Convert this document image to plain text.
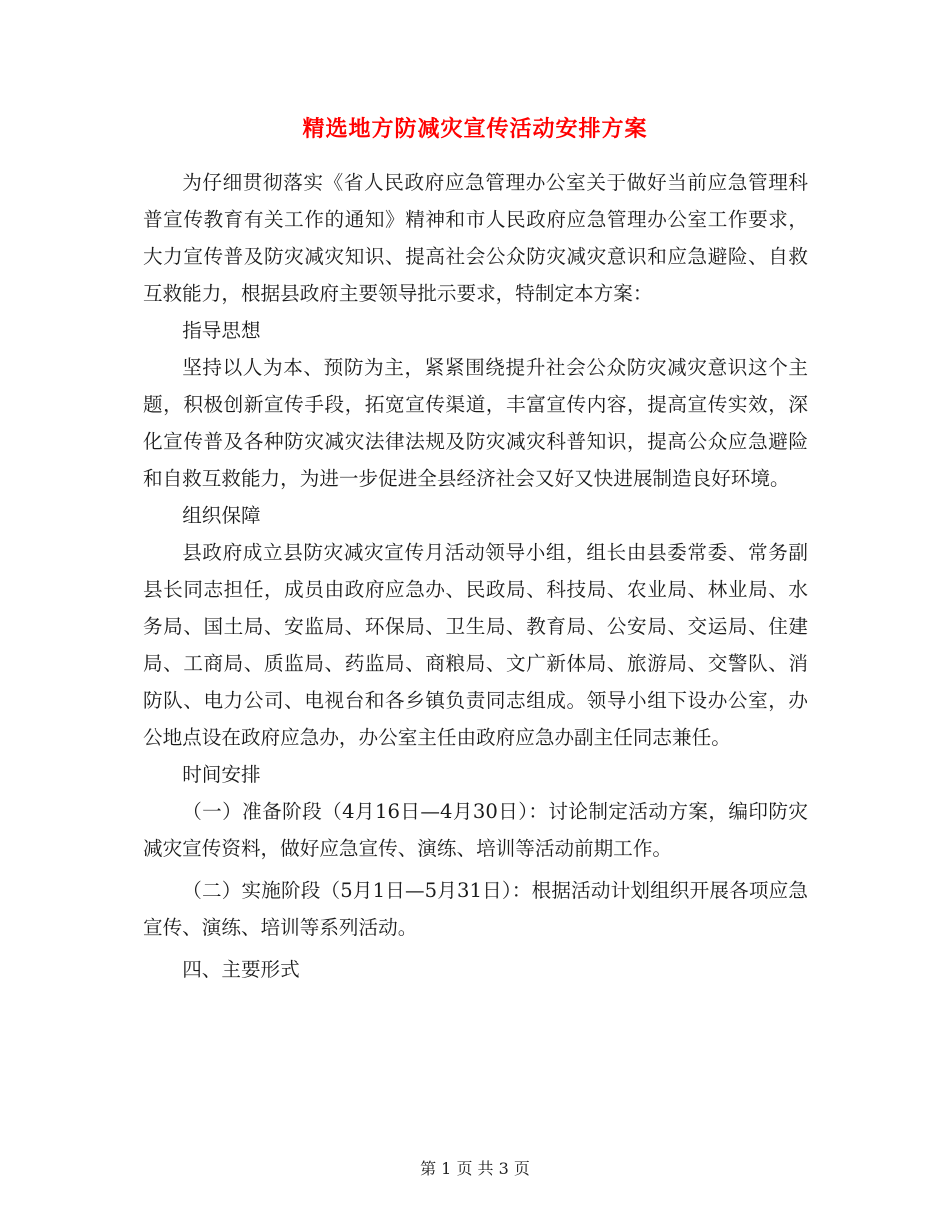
精选地方防减灾宣传活动安排方案

为仔细贯彻落实《省人民政府应急管理办公室关于做好当前应急管理科普宣传教育有关工作的通知》精神和市人民政府应急管理办公室工作要求，大力宣传普及防灾减灾知识、提高社会公众防灾减灾意识和应急避险、自救互救能力，根据县政府主要领导批示要求，特制定本方案：

指导思想

坚持以人为本、预防为主，紧紧围绕提升社会公众防灾减灾意识这个主题，积极创新宣传手段，拓宽宣传渠道，丰富宣传内容，提高宣传实效，深化宣传普及各种防灾减灾法律法规及防灾减灾科普知识，提高公众应急避险和自救互救能力，为进一步促进全县经济社会又好又快进展制造良好环境。

组织保障

县政府成立县防灾减灾宣传月活动领导小组，组长由县委常委、常务副县长同志担任，成员由政府应急办、民政局、科技局、农业局、林业局、水务局、国土局、安监局、环保局、卫生局、教育局、公安局、交运局、住建局、工商局、质监局、药监局、商粮局、文广新体局、旅游局、交警队、消防队、电力公司、电视台和各乡镇负责同志组成。领导小组下设办公室，办公地点设在政府应急办，办公室主任由政府应急办副主任同志兼任。

时间安排

（一）准备阶段（4月16日—4月30日）：讨论制定活动方案，编印防灾减灾宣传资料，做好应急宣传、演练、培训等活动前期工作。

（二）实施阶段（5月1日—5月31日）：根据活动计划组织开展各项应急宣传、演练、培训等系列活动。

四、主要形式

第 1 页 共 3 页
